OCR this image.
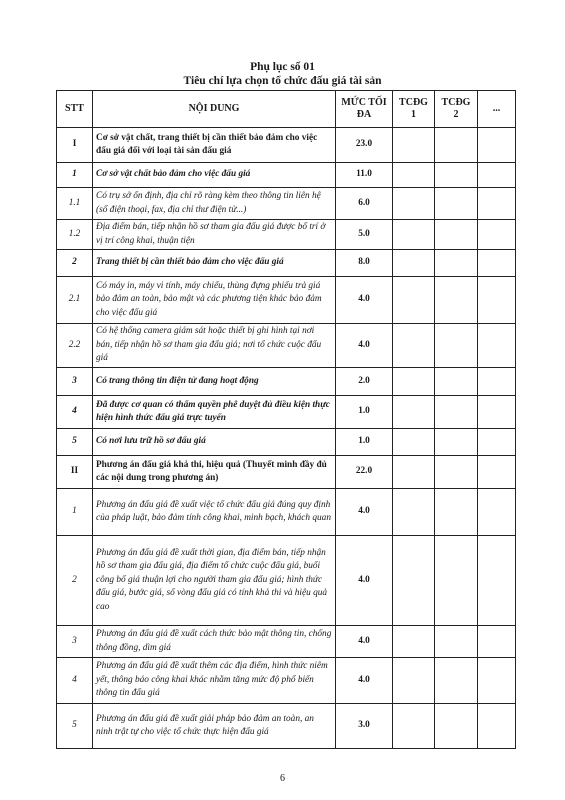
Phụ lục số 01
Tiêu chí lựa chọn tổ chức đấu giá tài sản
STT	NỘI DUNG	MỨC TỐI ĐA	TCĐG 1	TCĐG 2	...
I	Cơ sở vật chất, trang thiết bị cần thiết bảo đảm cho việc đấu giá đối với loại tài sản đấu giá	23.0			
1	Cơ sở vật chất bảo đảm cho việc đấu giá	11.0			
1.1	Có trụ sở ổn định, địa chỉ rõ ràng kèm theo thông tin liên hệ (số điện thoại, fax, địa chỉ thư điện tử...)	6.0			
1.2	Địa điểm bán, tiếp nhận hồ sơ tham gia đấu giá được bố trí ở vị trí công khai, thuận tiện	5.0			
2	Trang thiết bị cần thiết bảo đảm cho việc đấu giá	8.0			
2.1	Có máy in, máy vi tính, máy chiếu, thùng đựng phiếu trả giá bảo đảm an toàn, bảo mật và các phương tiện khác bảo đảm cho việc đấu giá	4.0			
2.2	Có hệ thống camera giám sát hoặc thiết bị ghi hình tại nơi bán, tiếp nhận hồ sơ tham gia đấu giá; nơi tổ chức cuộc đấu giá	4.0			
3	Có trang thông tin điện tử đang hoạt động	2.0			
4	Đã được cơ quan có thẩm quyền phê duyệt đủ điều kiện thực hiện hình thức đấu giá trực tuyến	1.0			
5	Có nơi lưu trữ hồ sơ đấu giá	1.0			
II	Phương án đấu giá khả thi, hiệu quả (Thuyết minh đầy đủ các nội dung trong phương án)	22.0			
1	Phương án đấu giá đề xuất việc tổ chức đấu giá đúng quy định của pháp luật, bảo đảm tính công khai, minh bạch, khách quan	4.0			
2	Phương án đấu giá đề xuất thời gian, địa điểm bán, tiếp nhận hồ sơ tham gia đấu giá, địa điểm tổ chức cuộc đấu giá, buổi công bố giá thuận lợi cho người tham gia đấu giá; hình thức đấu giá, bước giá, số vòng đấu giá có tính khả thi và hiệu quả cao	4.0			
3	Phương án đấu giá đề xuất cách thức bảo mật thông tin, chống thông đồng, dìm giá	4.0			
4	Phương án đấu giá đề xuất thêm các địa điểm, hình thức niêm yết, thông báo công khai khác nhằm tăng mức độ phổ biến thông tin đấu giá	4.0			
5	Phương án đấu giá đề xuất giải pháp bảo đảm an toàn, an ninh trật tự cho việc tổ chức thực hiện đấu giá	3.0			
6
